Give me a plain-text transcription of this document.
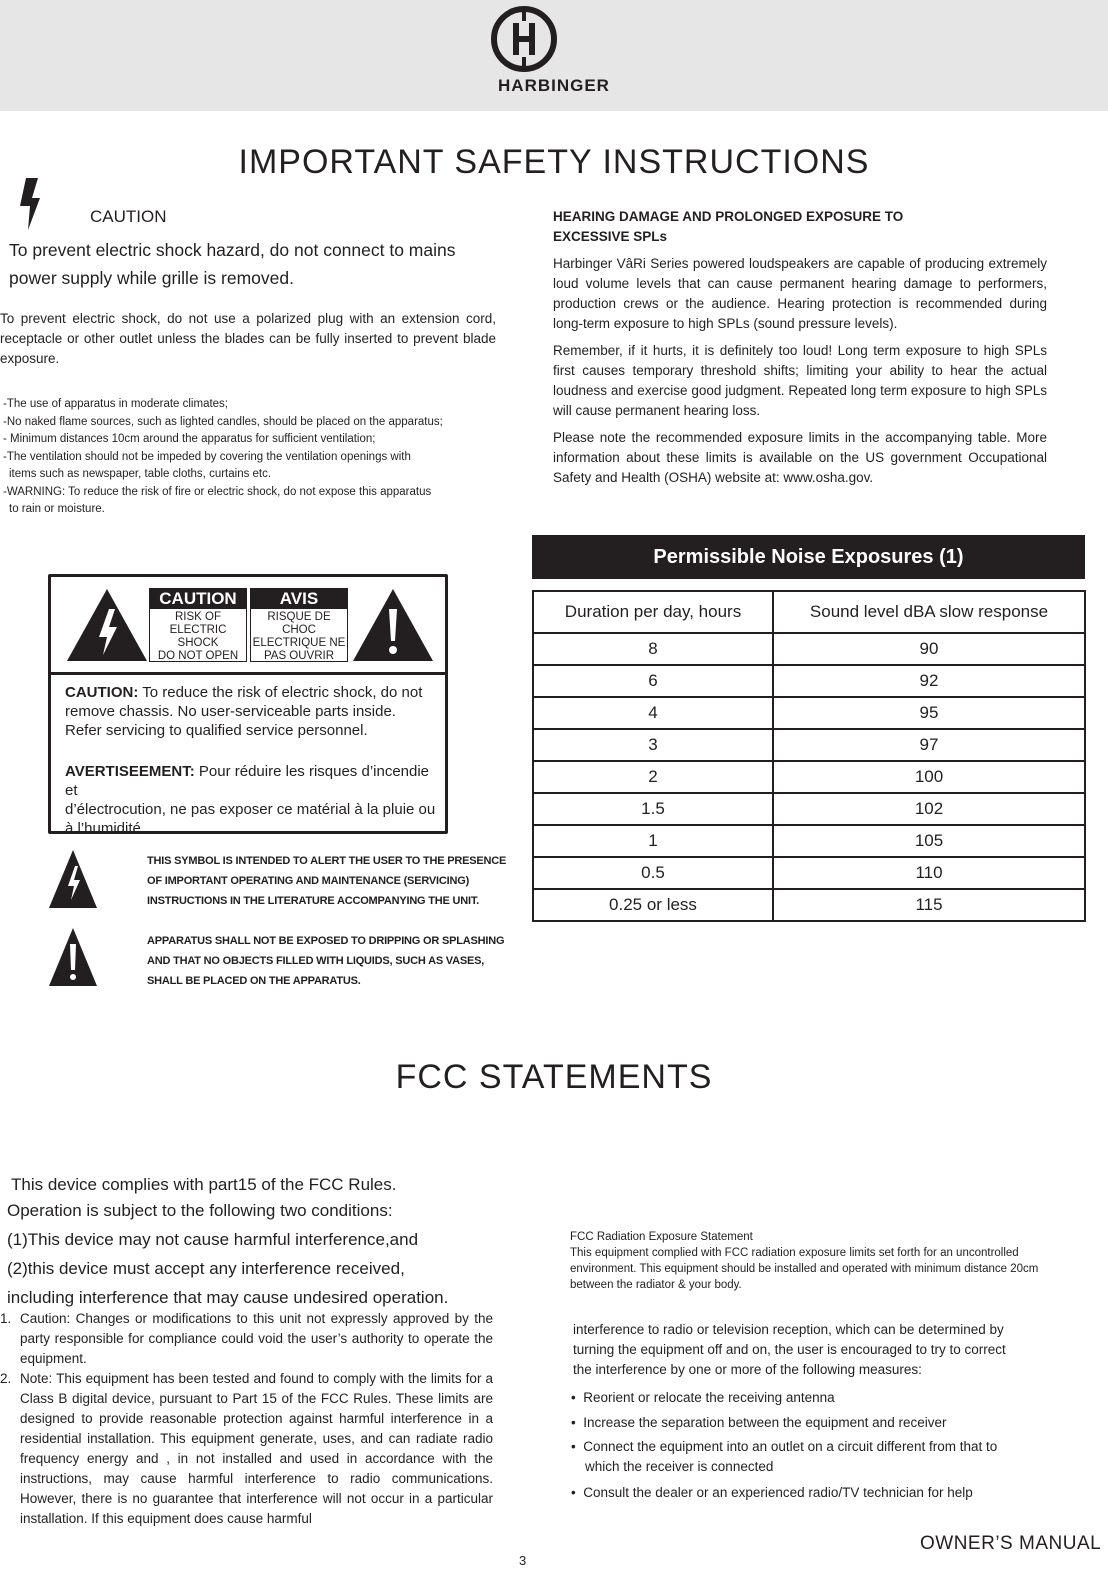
HARBINGER
IMPORTANT SAFETY INSTRUCTIONS
CAUTION
To prevent electric shock hazard, do not connect to mains
power supply while grille is removed.
To prevent electric shock, do not use a polarized plug with an extension cord, receptacle or other outlet unless the blades can be fully inserted to prevent blade exposure.
-The use of apparatus in moderate climates;
-No naked flame sources, such as lighted candles, should be placed on the apparatus;
- Minimum distances 10cm around the apparatus for sufficient ventilation;
-The ventilation should not be impeded by covering the ventilation openings with
items such as newspaper, table cloths, curtains etc.
-WARNING: To reduce the risk of fire or electric shock, do not expose this apparatus
to rain or moisture.
HEARING DAMAGE AND PROLONGED EXPOSURE TO
EXCESSIVE SPLs
Harbinger VâRi Series powered loudspeakers are capable of producing extremely loud volume levels that can cause permanent hearing damage to performers, production crews or the audience. Hearing protection is recommended during long-term exposure to high SPLs (sound pressure levels).
Remember, if it hurts, it is definitely too loud! Long term exposure to high SPLs first causes temporary threshold shifts; limiting your ability to hear the actual loudness and exercise good judgment. Repeated long term exposure to high SPLs will cause permanent hearing loss.
Please note the recommended exposure limits in the accompanying table. More information about these limits is available on the US government Occupational Safety and Health (OSHA) website at: www.osha.gov.
CAUTION
RISK OF
ELECTRIC SHOCK
DO NOT OPEN
AVIS
RISQUE DE CHOC
ELECTRIQUE NE
PAS OUVRIR
CAUTION: To reduce the risk of electric shock, do not
remove chassis. No user-serviceable parts inside.
Refer servicing to qualified service personnel.
AVERTISEEMENT: Pour réduire les risques d’incendie et
d’électrocution, ne pas exposer ce matérial à la pluie ou
à l’humidité.
THIS SYMBOL IS INTENDED TO ALERT THE USER TO THE PRESENCE
OF IMPORTANT OPERATING AND MAINTENANCE (SERVICING)
INSTRUCTIONS IN THE LITERATURE ACCOMPANYING THE UNIT.
APPARATUS SHALL NOT BE EXPOSED TO DRIPPING OR SPLASHING
AND THAT NO OBJECTS FILLED WITH LIQUIDS, SUCH AS VASES,
SHALL BE PLACED ON THE APPARATUS.
Permissible Noise Exposures (1)
Duration per day, hours	Sound level dBA slow response
8	90
6	92
4	95
3	97
2	100
1.5	102
1	105
0.5	110
0.25 or less	115
FCC STATEMENTS
This device complies with part15 of the FCC Rules.
Operation is subject to the following two conditions:
(1)This device may not cause harmful interference,and
(2)this device must accept any interference received,
including interference that may cause undesired operation.
1. Caution: Changes or modifications to this unit not expressly approved by the party responsible for compliance could void the user’s authority to operate the equipment.
2. Note: This equipment has been tested and found to comply with the limits for a Class B digital device, pursuant to Part 15 of the FCC Rules. These limits are designed to provide reasonable protection against harmful interference in a residential installation. This equipment generate, uses, and can radiate radio frequency energy and , in not installed and used in accordance with the instructions, may cause harmful interference to radio communications. However, there is no guarantee that interference will not occur in a particular installation. If this equipment does cause harmful
FCC Radiation Exposure Statement
This equipment complied with FCC radiation exposure limits set forth for an uncontrolled
environment. This equipment should be installed and operated with minimum distance 20cm
between the radiator & your body.
interference to radio or television reception, which can be determined by
turning the equipment off and on, the user is encouraged to try to correct
the interference by one or more of the following measures:
•  Reorient or relocate the receiving antenna
•  Increase the separation between the equipment and receiver
•  Connect the equipment into an outlet on a circuit different from that to
which the receiver is connected
•  Consult the dealer or an experienced radio/TV technician for help
OWNER’S MANUAL
3
